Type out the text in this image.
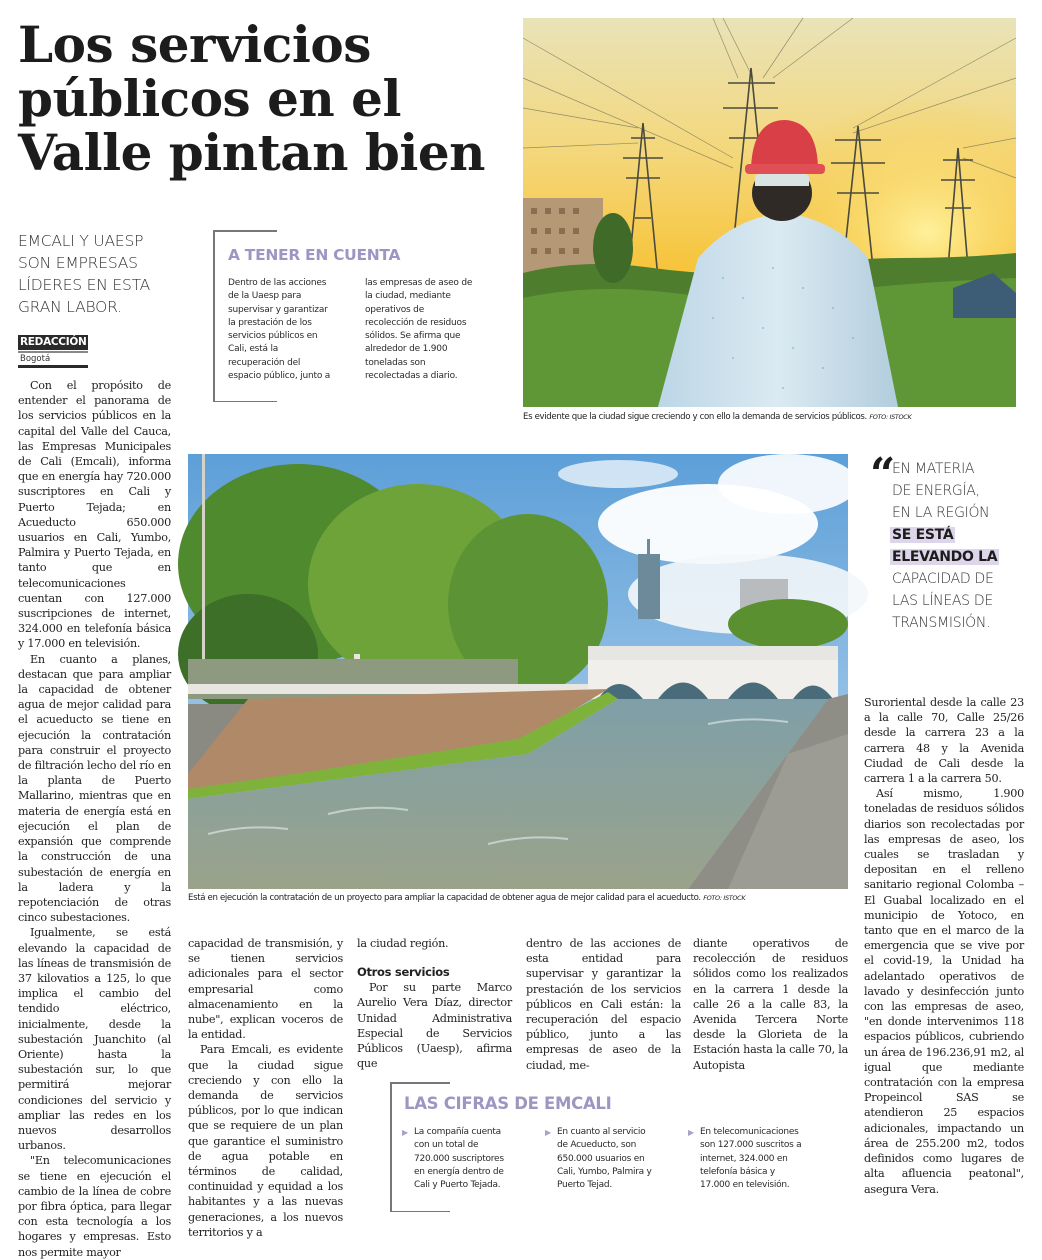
Los servicios
públicos en el
Valle pintan bien
EMCALI Y UAESP
SON EMPRESAS
LÍDERES EN ESTA
GRAN LABOR.
REDACCIÓN
Bogotá
A TENER EN CUENTA
Dentro de las acciones
de la Uaesp para
supervisar y garantizar
la prestación de los
servicios públicos en
Cali, está la
recuperación del
espacio público, junto a
las empresas de aseo de
la ciudad, mediante
operativos de
recolección de residuos
sólidos. Se afirma que
alrededor de 1.900
toneladas son
recolectadas a diario.
Es evidente que la ciudad sigue creciendo y con ello la demanda de servicios públicos. FOTO: ISTOCK
Está en ejecución la contratación de un proyecto para ampliar la capacidad de obtener agua de mejor calidad para el acueducto. FOTO: ISTOCK
“
EN MATERIA
DE ENERGÍA,
EN LA REGIÓN
SE ESTÁ
ELEVANDO LA
CAPACIDAD DE
LAS LÍNEAS DE
TRANSMISIÓN.

Con el propósito de entender el panorama de los servicios públicos en la capital del Valle del Cauca, las Empresas Municipales de Cali (Emcali), informa que en energía hay 720.000 suscriptores en Cali y Puerto Tejada; en Acueducto 650.000 usuarios en Cali, Yumbo, Palmira y Puerto Tejada, en tanto que en telecomunicaciones cuentan con 127.000 suscripciones de internet, 324.000 en telefonía básica y 17.000 en televisión.

En cuanto a planes, destacan que para ampliar la capacidad de obtener agua de mejor calidad para el acueducto se tiene en ejecución la contratación para construir el proyecto de filtración lecho del río en la planta de Puerto Mallarino, mientras que en materia de energía está en ejecución el plan de expansión que comprende la construcción de una subestación de energía en la ladera y la repotenciación de otras cinco subestaciones.

Igualmente, se está elevando la capacidad de las líneas de transmisión de 37 kilovatios a 125, lo que implica el cambio del tendido eléctrico, inicialmente, desde la subestación Juanchito (al Oriente) hasta la subestación sur, lo que permitirá mejorar condiciones del servicio y ampliar las redes en los nuevos desarrollos urbanos.

"En telecomunicaciones se tiene en ejecución el cambio de la línea de cobre por fibra óptica, para llegar con esta tecnología a los hogares y empresas. Esto nos permite mayor

capacidad de transmisión, y se tienen servicios adicionales para el sector empresarial como almacenamiento en la nube", explican voceros de la entidad.

Para Emcali, es evidente que la ciudad sigue creciendo y con ello la demanda de servicios públicos, por lo que indican que se requiere de un plan que garantice el suministro de agua potable en términos de calidad, continuidad y equidad a los habitantes y a las nuevas generaciones, a los nuevos territorios y a

la ciudad región.

Otros servicios

Por su parte Marco Aurelio Vera Díaz, director Unidad Administrativa Especial de Servicios Públicos (Uaesp), afirma que

dentro de las acciones de esta entidad para supervisar y garantizar la prestación de los servicios públicos en Cali están: la recuperación del espacio público, junto a las empresas de aseo de la ciudad, me-

diante operativos de recolección de residuos sólidos como los realizados en la carrera 1 desde la calle 26 a la calle 83, la Avenida Tercera Norte desde la Glorieta de la Estación hasta la calle 70, la Autopista

Suroriental desde la calle 23 a la calle 70, Calle 25/26 desde la carrera 23 a la carrera 48 y la Avenida Ciudad de Cali desde la carrera 1 a la carrera 50.

Así mismo, 1.900 toneladas de residuos sólidos diarios son recolectadas por las empresas de aseo, los cuales se trasladan y depositan en el relleno sanitario regional Colomba – El Guabal localizado en el municipio de Yotoco, en tanto que en el marco de la emergencia que se vive por el covid-19, la Unidad ha adelantado operativos de lavado y desinfección junto con las empresas de aseo, "en donde intervenimos 118 espacios públicos, cubriendo un área de 196.236,91 m2, al igual que mediante contratación con la empresa Propeincol SAS se atendieron 25 espacios adicionales, impactando un área de 255.200 m2, todos definidos como lugares de alta afluencia peatonal", asegura Vera.

LAS CIFRAS DE EMCALI
▶ La compañía cuenta
con un total de
720.000 suscriptores
en energía dentro de
Cali y Puerto Tejada.
▶ En cuanto al servicio
de Acueducto, son
650.000 usuarios en
Cali, Yumbo, Palmira y
Puerto Tejad.
▶ En telecomunicaciones
son 127.000 suscritos a
internet, 324.000 en
telefonía básica y
17.000 en televisión.
